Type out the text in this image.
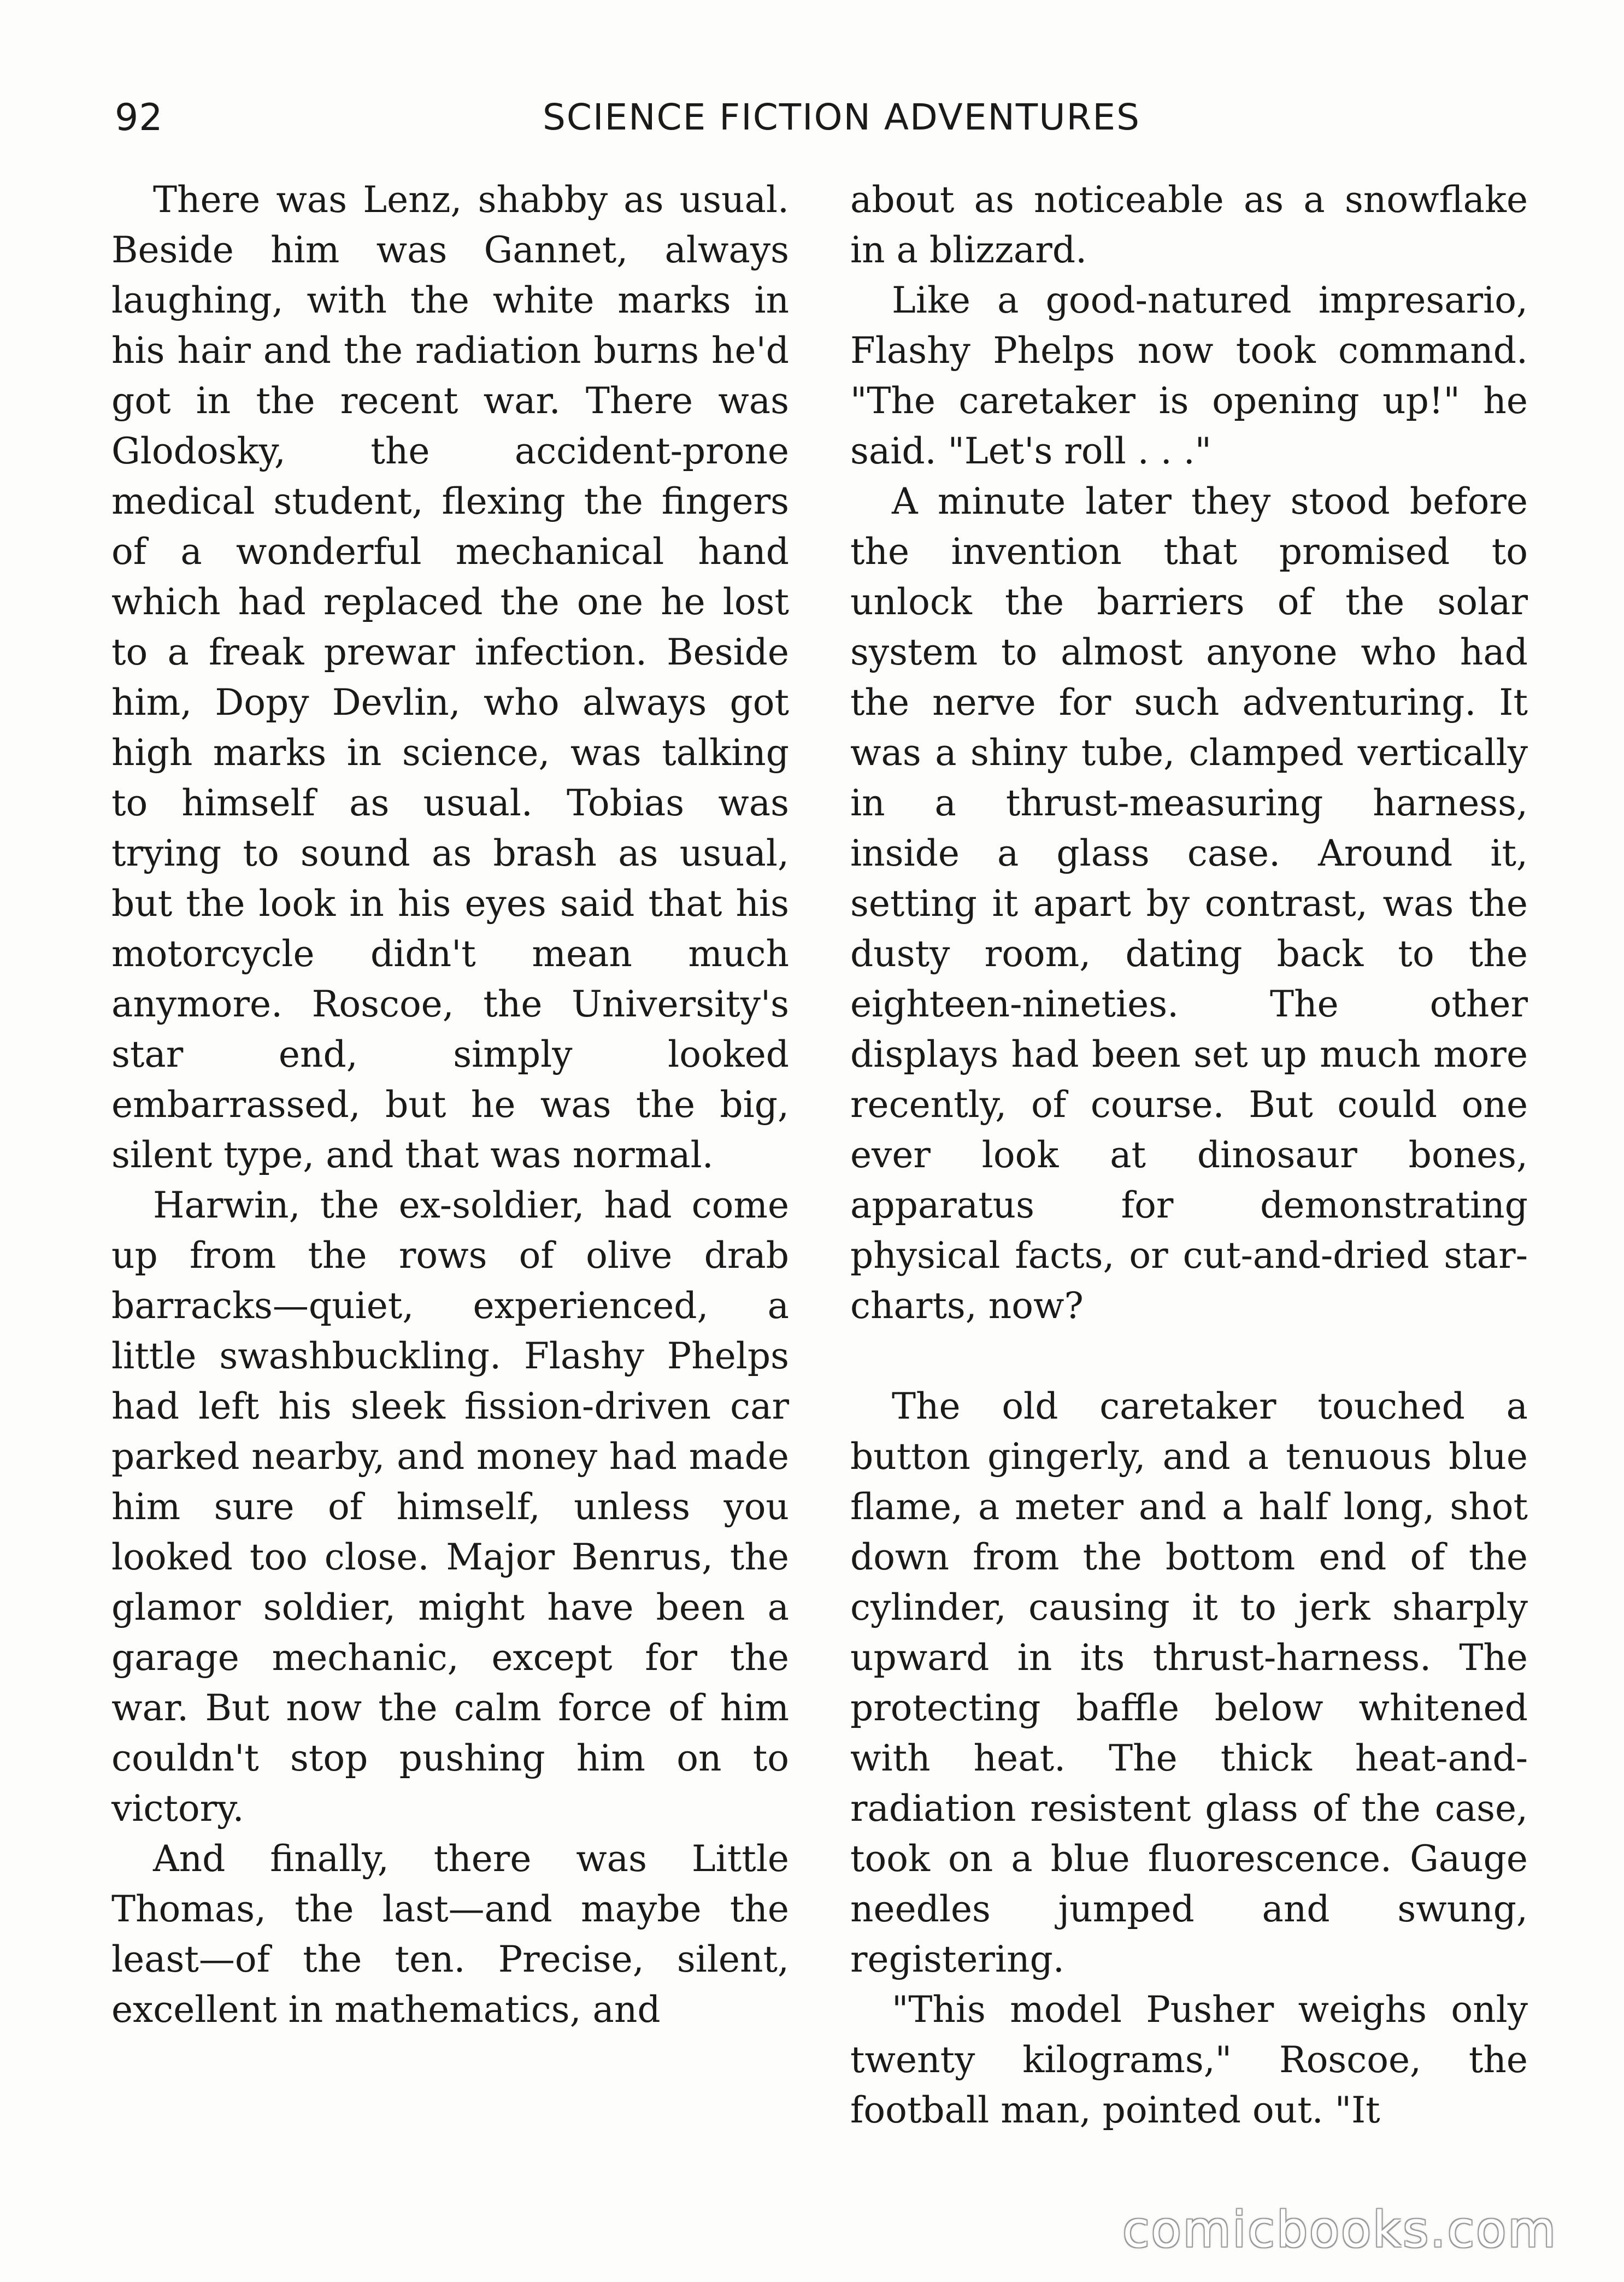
92	SCIENCE FICTION ADVENTURES

There was Lenz, shabby as usual. Beside him was Gannet, always laughing, with the white marks in his hair and the radiation burns he'd got in the recent war. There was Glodosky, the accident-prone medical student, flexing the fingers of a wonderful mechanical hand which had replaced the one he lost to a freak prewar infection. Beside him, Dopy Devlin, who always got high marks in science, was talking to himself as usual. Tobias was trying to sound as brash as usual, but the look in his eyes said that his motorcycle didn't mean much anymore. Roscoe, the University's star end, simply looked embarrassed, but he was the big, silent type, and that was normal.

Harwin, the ex-soldier, had come up from the rows of olive drab barracks—quiet, experienced, a little swashbuckling. Flashy Phelps had left his sleek fission-driven car parked nearby, and money had made him sure of himself, unless you looked too close. Major Benrus, the glamor soldier, might have been a garage mechanic, except for the war. But now the calm force of him couldn't stop pushing him on to victory.

And finally, there was Little Thomas, the last—and maybe the least—of the ten. Precise, silent, excellent in mathematics, and

about as noticeable as a snowflake in a blizzard.

Like a good-natured impresario, Flashy Phelps now took command. "The caretaker is opening up!" he said. "Let's roll . . ."

A minute later they stood before the invention that promised to unlock the barriers of the solar system to almost anyone who had the nerve for such adventuring. It was a shiny tube, clamped vertically in a thrust-measuring harness, inside a glass case. Around it, setting it apart by contrast, was the dusty room, dating back to the eighteen-nineties. The other displays had been set up much more recently, of course. But could one ever look at dinosaur bones, apparatus for demonstrating physical facts, or cut-and-dried star-charts, now?

The old caretaker touched a button gingerly, and a tenuous blue flame, a meter and a half long, shot down from the bottom end of the cylinder, causing it to jerk sharply upward in its thrust-harness. The protecting baffle below whitened with heat. The thick heat-and-radiation resistent glass of the case, took on a blue fluorescence. Gauge needles jumped and swung, registering.

"This model Pusher weighs only twenty kilograms," Roscoe, the football man, pointed out. "It

comicbooks.com
